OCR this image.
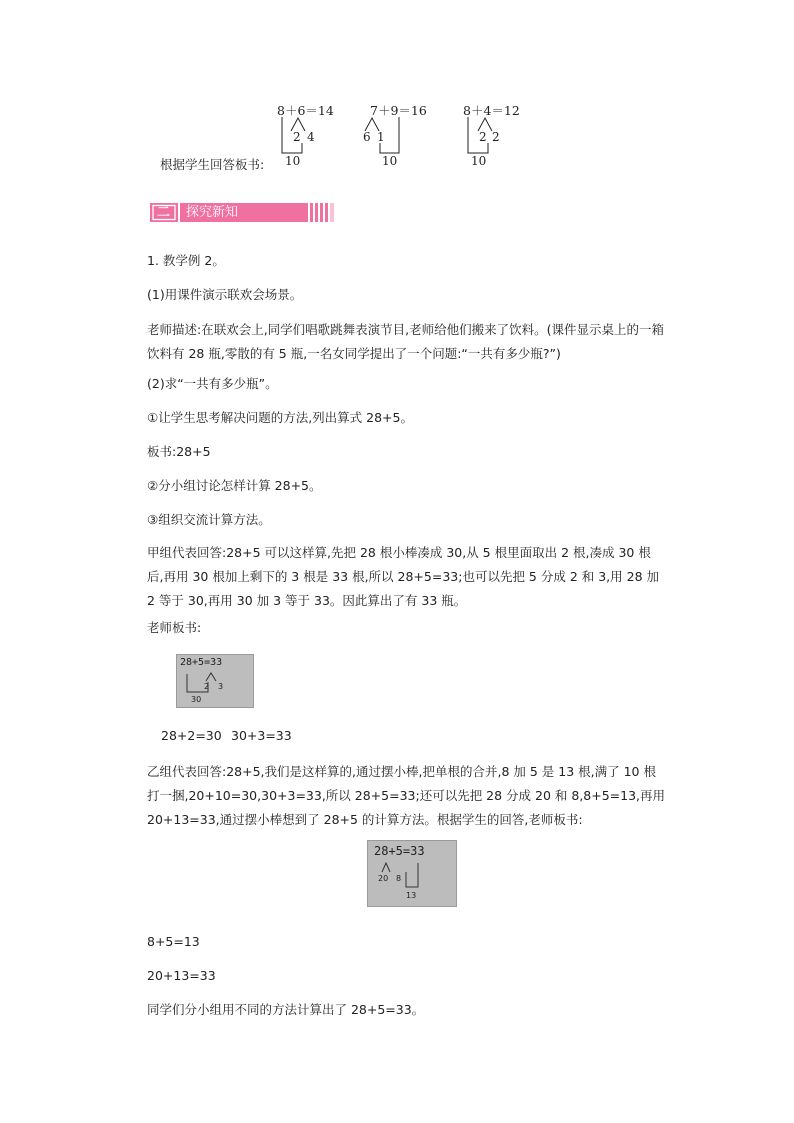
8＋6＝14
2 4
10
7＋9＝16
6 1
10
8＋4＝12
2 2
10
根据学生回答板书:
二 探究新知
1. 教学例 2。
(1)用课件演示联欢会场景。
老师描述:在联欢会上,同学们唱歌跳舞表演节目,老师给他们搬来了饮料。(课件显示桌上的一箱饮料有 28 瓶,零散的有 5 瓶,一名女同学提出了一个问题:“一共有多少瓶?”)
(2)求“一共有多少瓶”。
①让学生思考解决问题的方法,列出算式 28+5。
板书:28+5
②分小组讨论怎样计算 28+5。
③组织交流计算方法。
甲组代表回答:28+5 可以这样算,先把 28 根小棒凑成 30,从 5 根里面取出 2 根,凑成 30 根后,再用 30 根加上剩下的 3 根是 33 根,所以 28+5=33;也可以先把 5 分成 2 和 3,用 28 加 2 等于 30,再用 30 加 3 等于 33。因此算出了有 33 瓶。
老师板书:
28+5=33
2 3
30
28+2=30 30+3=33
乙组代表回答:28+5,我们是这样算的,通过摆小棒,把单根的合并,8 加 5 是 13 根,满了 10 根打一捆,20+10=30,30+3=33,所以 28+5=33;还可以先把 28 分成 20 和 8,8+5=13,再用 20+13=33,通过摆小棒想到了 28+5 的计算方法。根据学生的回答,老师板书:
28+5=33
20 8
13
8+5=13
20+13=33
同学们分小组用不同的方法计算出了 28+5=33。
